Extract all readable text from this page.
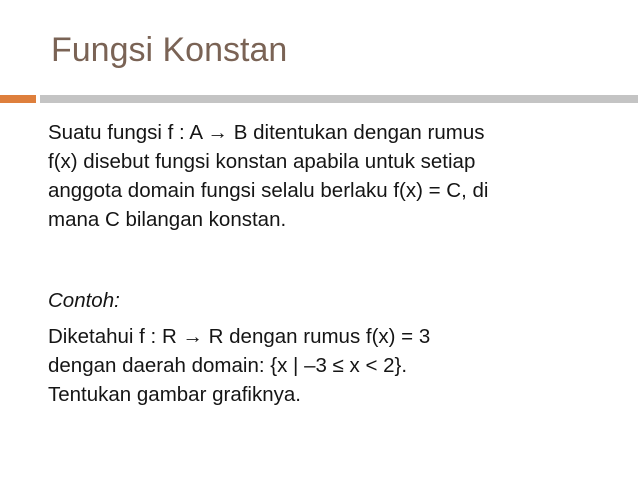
Fungsi Konstan
Suatu fungsi f : A → B ditentukan dengan rumus
f(x) disebut fungsi konstan apabila untuk setiap
anggota domain fungsi selalu berlaku f(x) = C, di
mana C bilangan konstan.
Contoh:
Diketahui f : R → R dengan rumus f(x) = 3
dengan daerah domain: {x | –3 ≤ x < 2}.
Tentukan gambar grafiknya.
